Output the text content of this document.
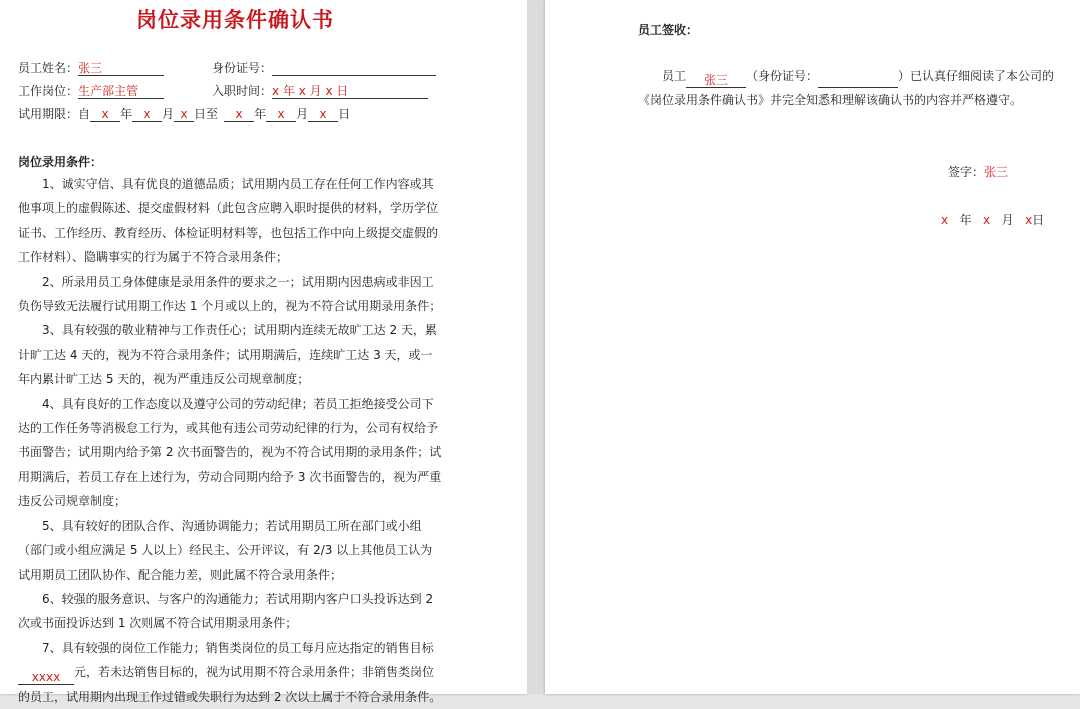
岗位录用条件确认书
员工姓名：张三	身份证号：
工作岗位：生产部主管	入职时间：x 年 x 月 x 日
试用期限：自 x 年 x 月 x 日至 x 年 x 月 x 日
岗位录用条件：
1、诚实守信、具有优良的道德品质；试用期内员工存在任何工作内容或其他事项上的虚假陈述、提交虚假材料（此包含应聘入职时提供的材料，学历学位证书、工作经历、教育经历、体检证明材料等，也包括工作中向上级提交虚假的工作材料）、隐瞒事实的行为属于不符合录用条件；
2、所录用员工身体健康是录用条件的要求之一；试用期内因患病或非因工负伤导致无法履行试用期工作达 1 个月或以上的，视为不符合试用期录用条件；
3、具有较强的敬业精神与工作责任心；试用期内连续无故旷工达 2 天，累计旷工达 4 天的，视为不符合录用条件；试用期满后，连续旷工达 3 天，或一年内累计旷工达 5 天的，视为严重违反公司规章制度；
4、具有良好的工作态度以及遵守公司的劳动纪律；若员工拒绝接受公司下达的工作任务等消极怠工行为，或其他有违公司劳动纪律的行为，公司有权给予书面警告；试用期内给予第 2 次书面警告的，视为不符合试用期的录用条件；试用期满后，若员工存在上述行为，劳动合同期内给予 3 次书面警告的，视为严重违反公司规章制度；
5、具有较好的团队合作、沟通协调能力；若试用期员工所在部门或小组（部门或小组应满足 5 人以上）经民主、公开评议，有 2/3 以上其他员工认为试用期员工团队协作、配合能力差，则此属不符合录用条件；
6、较强的服务意识、与客户的沟通能力；若试用期内客户口头投诉达到 2 次或书面投诉达到 1 次则属不符合试用期录用条件；
7、具有较强的岗位工作能力；销售类岗位的员工每月应达指定的销售目标xxxx 元，若未达销售目标的，视为试用期不符合录用条件；非销售类岗位的员工，试用期内出现工作过错或失职行为达到 2 次以上属于不符合录用条件。
员工签收：
员工 张三 （身份证号：	）已认真仔细阅读了本公司的《岗位录用条件确认书》并完全知悉和理解该确认书的内容并严格遵守。
签字：张三
x 年 x 月 x日
